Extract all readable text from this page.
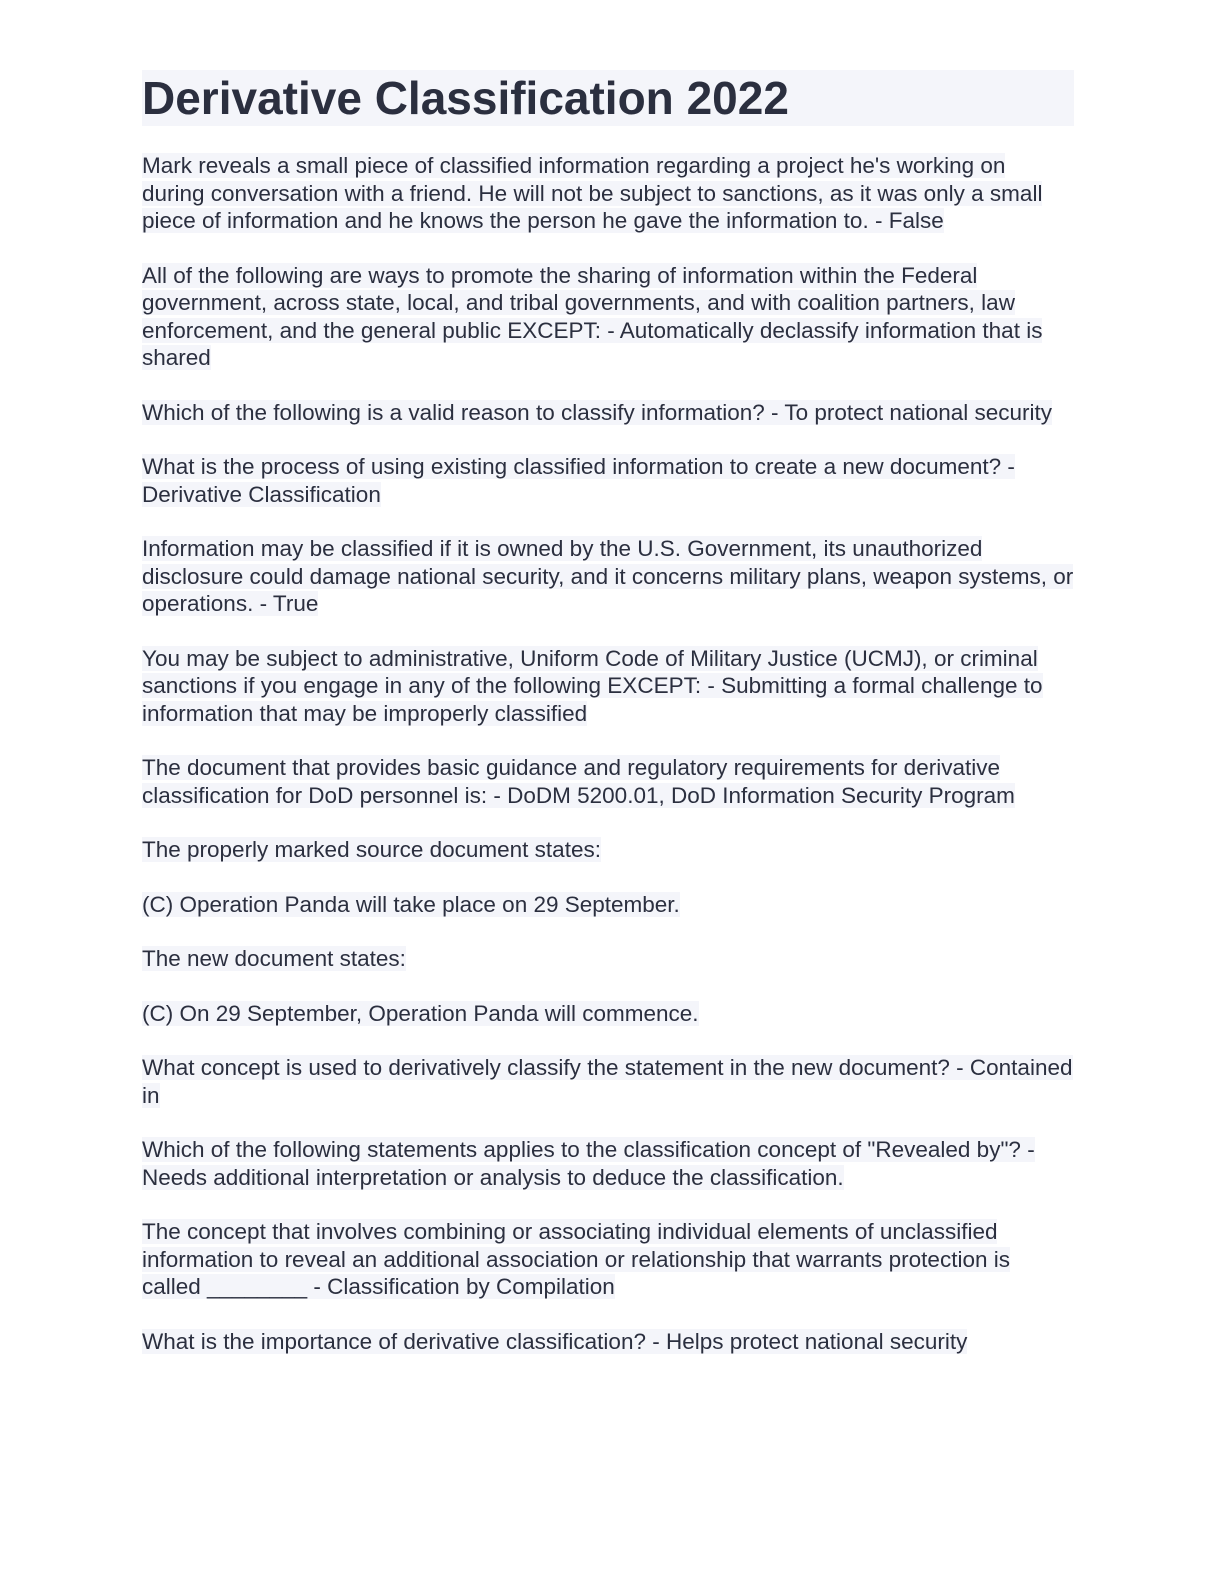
Derivative Classification 2022

Mark reveals a small piece of classified information regarding a project he's working on during conversation with a friend. He will not be subject to sanctions, as it was only a small piece of information and he knows the person he gave the information to. - False

All of the following are ways to promote the sharing of information within the Federal government, across state, local, and tribal governments, and with coalition partners, law enforcement, and the general public EXCEPT: - Automatically declassify information that is shared

Which of the following is a valid reason to classify information? - To protect national security

What is the process of using existing classified information to create a new document? - Derivative Classification

Information may be classified if it is owned by the U.S. Government, its unauthorized disclosure could damage national security, and it concerns military plans, weapon systems, or operations. - True

You may be subject to administrative, Uniform Code of Military Justice (UCMJ), or criminal sanctions if you engage in any of the following EXCEPT: - Submitting a formal challenge to information that may be improperly classified

The document that provides basic guidance and regulatory requirements for derivative classification for DoD personnel is: - DoDM 5200.01, DoD Information Security Program

The properly marked source document states:

(C) Operation Panda will take place on 29 September.

The new document states:

(C) On 29 September, Operation Panda will commence.

What concept is used to derivatively classify the statement in the new document? - Contained in

Which of the following statements applies to the classification concept of "Revealed by"? - Needs additional interpretation or analysis to deduce the classification.

The concept that involves combining or associating individual elements of unclassified information to reveal an additional association or relationship that warrants protection is called ________ - Classification by Compilation

What is the importance of derivative classification? - Helps protect national security
